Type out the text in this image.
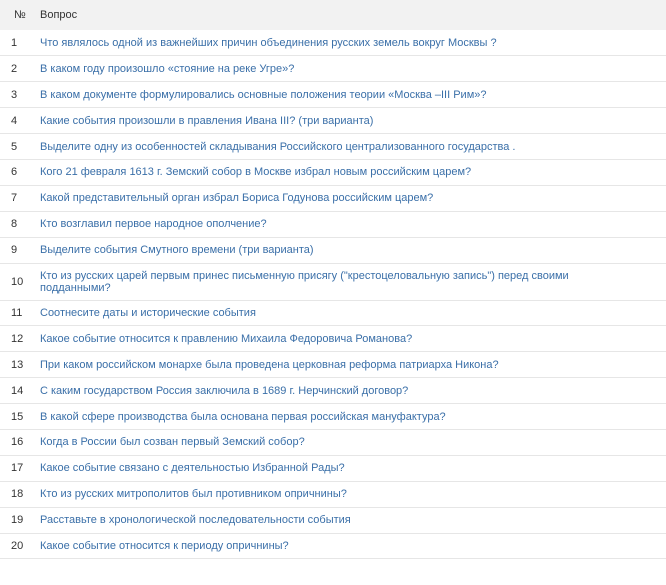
№	Вопрос
1	Что являлось одной из важнейших причин объединения русских земель вокруг Москвы ?
2	В каком году произошло «стояние на реке Угре»?
3	В каком документе формулировались основные положения теории «Москва –III Рим»?
4	Какие события произошли в правления Ивана III? (три варианта)
5	Выделите одну из особенностей складывания Российского централизованного государства .
6	Кого 21 февраля 1613 г. Земский собор в Москве избрал новым российским царем?
7	Какой представительный орган избрал Бориса Годунова российским царем?
8	Кто возглавил первое народное ополчение?
9	Выделите события Смутного времени (три варианта)
10	Кто из русских царей первым принес письменную присягу ("крестоцеловальную запись") перед своими подданными?
11	Соотнесите даты и исторические события
12	Какое событие относится к правлению Михаила Федоровича Романова?
13	При каком российском монархе была проведена церковная реформа патриарха Никона?
14	С каким государством Россия заключила в 1689 г. Нерчинский договор?
15	В какой сфере производства была основана первая российская мануфактура?
16	Когда в России был созван первый Земский собор?
17	Какое событие связано с деятельностью Избранной Рады?
18	Кто из русских митрополитов был противником опричнины?
19	Расставьте в хронологической последовательности события
20	Какое событие относится к периоду опричнины?
